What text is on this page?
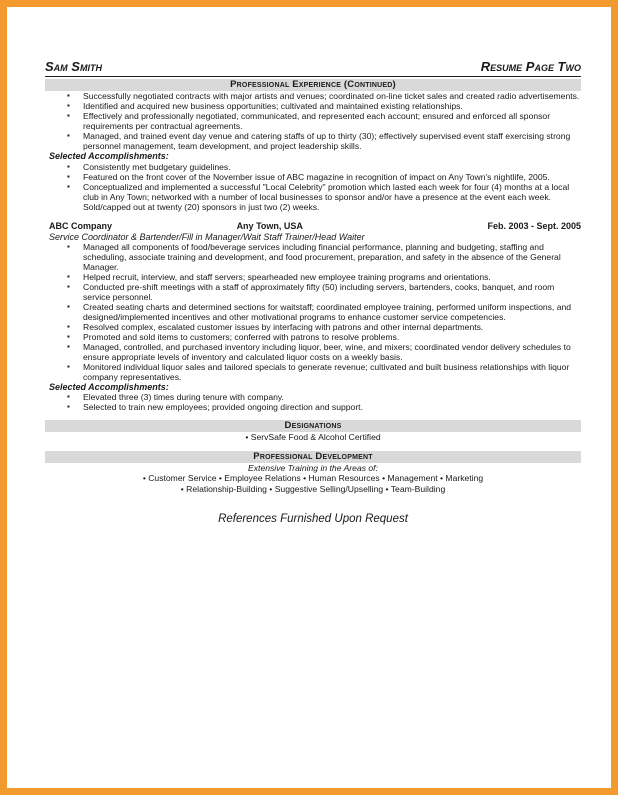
Sam Smith	Resume Page Two
Professional Experience (Continued)
▪ Successfully negotiated contracts with major artists and venues; coordinated on-line ticket sales and created radio advertisements.
▪ Identified and acquired new business opportunities; cultivated and maintained existing relationships.
▪ Effectively and professionally negotiated, communicated, and represented each account; ensured and enforced all sponsor requirements per contractual agreements.
▪ Managed, and trained event day venue and catering staffs of up to thirty (30); effectively supervised event staff exercising strong personnel management, team development, and project leadership skills.
Selected Accomplishments:
▪ Consistently met budgetary guidelines.
▪ Featured on the front cover of the November issue of ABC magazine in recognition of impact on Any Town's nightlife, 2005.
▪ Conceptualized and implemented a successful "Local Celebrity" promotion which lasted each week for four (4) months at a local club in Any Town; networked with a number of local businesses to sponsor and/or have a presence at the event each week. Sold/capped out at twenty (20) sponsors in just two (2) weeks.
ABC Company	Any Town, USA	Feb. 2003 - Sept. 2005
Service Coordinator & Bartender/Fill in Manager/Wait Staff Trainer/Head Waiter
▪ Managed all components of food/beverage services including financial performance, planning and budgeting, staffing and scheduling, associate training and development, and food procurement, preparation, and safety in the absence of the General Manager.
▪ Helped recruit, interview, and staff servers; spearheaded new employee training programs and orientations.
▪ Conducted pre-shift meetings with a staff of approximately fifty (50) including servers, bartenders, cooks, banquet, and room service personnel.
▪ Created seating charts and determined sections for waitstaff; coordinated employee training, performed uniform inspections, and designed/implemented incentives and other motivational programs to enhance customer service competencies.
▪ Resolved complex, escalated customer issues by interfacing with patrons and other internal departments.
▪ Promoted and sold items to customers; conferred with patrons to resolve problems.
▪ Managed, controlled, and purchased inventory including liquor, beer, wine, and mixers; coordinated vendor delivery schedules to ensure appropriate levels of inventory and calculated liquor costs on a weekly basis.
▪ Monitored individual liquor sales and tailored specials to generate revenue; cultivated and built business relationships with liquor company representatives.
Selected Accomplishments:
▪ Elevated three (3) times during tenure with company.
▪ Selected to train new employees; provided ongoing direction and support.
Designations
• ServSafe Food & Alcohol Certified
Professional Development
Extensive Training in the Areas of:
• Customer Service • Employee Relations • Human Resources • Management • Marketing
• Relationship-Building • Suggestive Selling/Upselling • Team-Building
References Furnished Upon Request
